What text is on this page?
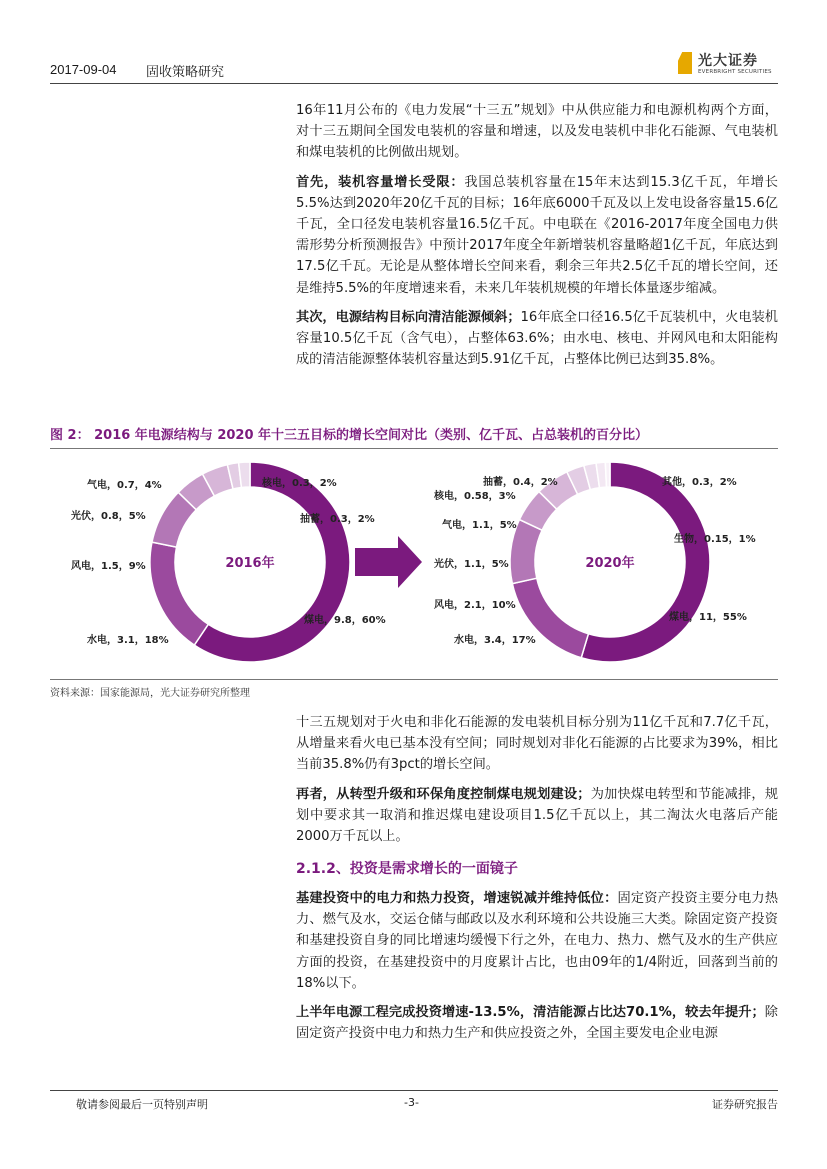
2017-09-04 固收策略研究
光大证券
EVERBRIGHT SECURITIES

16年11月公布的《电力发展“十三五”规划》中从供应能力和电源机构两个方面，对十三五期间全国发电装机的容量和增速，以及发电装机中非化石能源、气电装机和煤电装机的比例做出规划。

首先，装机容量增长受限：我国总装机容量在15年末达到15.3亿千瓦，年增长5.5%达到2020年20亿千瓦的目标；16年底6000千瓦及以上发电设备容量15.6亿千瓦，全口径发电装机容量16.5亿千瓦。中电联在《2016-2017年度全国电力供需形势分析预测报告》中预计2017年度全年新增装机容量略超1亿千瓦，年底达到17.5亿千瓦。无论是从整体增长空间来看，剩余三年共2.5亿千瓦的增长空间，还是维持5.5%的年度增速来看，未来几年装机规模的年增长体量逐步缩减。

其次，电源结构目标向清洁能源倾斜；16年底全口径16.5亿千瓦装机中，火电装机容量10.5亿千瓦（含气电），占整体63.6%；由水电、核电、并网风电和太阳能构成的清洁能源整体装机容量达到5.91亿千瓦，占整体比例已达到35.8%。

图 2： 2016 年电源结构与 2020 年十三五目标的增长空间对比（类别、亿千瓦、占总装机的百分比）
2016年
煤电，9.8，60%
水电，3.1，18%
风电，1.5，9%
光伏，0.8，5%
气电，0.7，4%	核电，0.3，2%
抽蓄，0.3，2%
2020年
煤电，11，55%
水电，3.4，17%
风电，2.1，10%
光伏，1.1，5%
气电，1.1，5%
核电，0.58，3%
抽蓄，0.4，2%	其他，0.3，2%
生物，0.15，1%
资料来源：国家能源局，光大证券研究所整理

十三五规划对于火电和非化石能源的发电装机目标分别为11亿千瓦和7.7亿千瓦，从增量来看火电已基本没有空间；同时规划对非化石能源的占比要求为39%，相比当前35.8%仍有3pct的增长空间。

再者，从转型升级和环保角度控制煤电规划建设；为加快煤电转型和节能减排，规划中要求其一取消和推迟煤电建设项目1.5亿千瓦以上，其二淘汰火电落后产能2000万千瓦以上。

2.1.2、投资是需求增长的一面镜子

基建投资中的电力和热力投资，增速锐减并维持低位：固定资产投资主要分电力热力、燃气及水，交运仓储与邮政以及水利环境和公共设施三大类。除固定资产投资和基建投资自身的同比增速均缓慢下行之外，在电力、热力、燃气及水的生产供应方面的投资，在基建投资中的月度累计占比，也由09年的1/4附近，回落到当前的18%以下。

上半年电源工程完成投资增速-13.5%，清洁能源占比达70.1%，较去年提升；除固定资产投资中电力和热力生产和供应投资之外，全国主要发电企业电源

敬请参阅最后一页特别声明	-3-	证券研究报告
